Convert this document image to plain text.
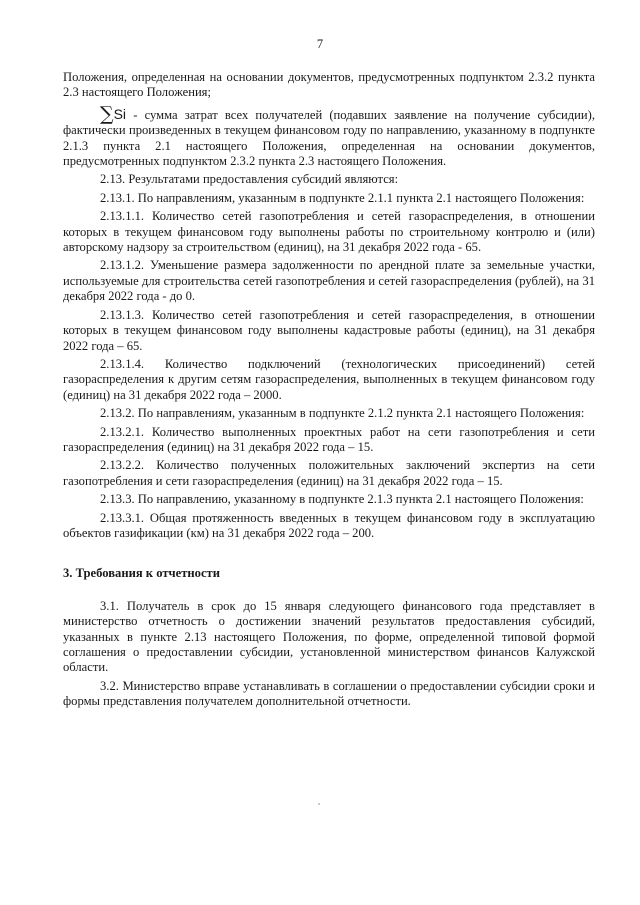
7

Положения, определенная на основании документов, предусмотренных подпунктом 2.3.2 пункта 2.3 настоящего Положения;

∑Si - сумма затрат всех получателей (подавших заявление на получение субсидии), фактически произведенных в текущем финансовом году по направлению, указанному в подпункте 2.1.3 пункта 2.1 настоящего Положения, определенная на основании документов, предусмотренных подпунктом 2.3.2 пункта 2.3 настоящего Положения.

2.13. Результатами предоставления субсидий являются:

2.13.1. По направлениям, указанным в подпункте 2.1.1 пункта 2.1 настоящего Положения:

2.13.1.1. Количество сетей газопотребления и сетей газораспределения, в отношении которых в текущем финансовом году выполнены работы по строительному контролю и (или) авторскому надзору за строительством (единиц), на 31 декабря 2022 года - 65.

2.13.1.2. Уменьшение размера задолженности по арендной плате за земельные участки, используемые для строительства сетей газопотребления и сетей газораспределения (рублей), на 31 декабря 2022 года - до 0.

2.13.1.3. Количество сетей газопотребления и сетей газораспределения, в отношении которых в текущем финансовом году выполнены кадастровые работы (единиц), на 31 декабря 2022 года – 65.

2.13.1.4. Количество подключений (технологических присоединений) сетей газораспределения к другим сетям газораспределения, выполненных в текущем финансовом году (единиц) на 31 декабря 2022 года – 2000.

2.13.2. По направлениям, указанным в подпункте 2.1.2 пункта 2.1 настоящего Положения:

2.13.2.1. Количество выполненных проектных работ на сети газопотребления и сети газораспределения (единиц) на 31 декабря 2022 года – 15.

2.13.2.2. Количество полученных положительных заключений экспертиз на сети газопотребления и сети газораспределения (единиц) на 31 декабря 2022 года – 15.

2.13.3. По направлению, указанному в подпункте 2.1.3 пункта 2.1 настоящего Положения:

2.13.3.1. Общая протяженность введенных в текущем финансовом году в эксплуатацию объектов газификации (км) на 31 декабря 2022 года – 200.

3. Требования к отчетности

3.1. Получатель в срок до 15 января следующего финансового года представляет в министерство отчетность о достижении значений результатов предоставления субсидий, указанных в пункте 2.13 настоящего Положения, по форме, определенной типовой формой соглашения о предоставлении субсидии, установленной министерством финансов Калужской области.

3.2. Министерство вправе устанавливать в соглашении о предоставлении субсидии сроки и формы представления получателем дополнительной отчетности.
